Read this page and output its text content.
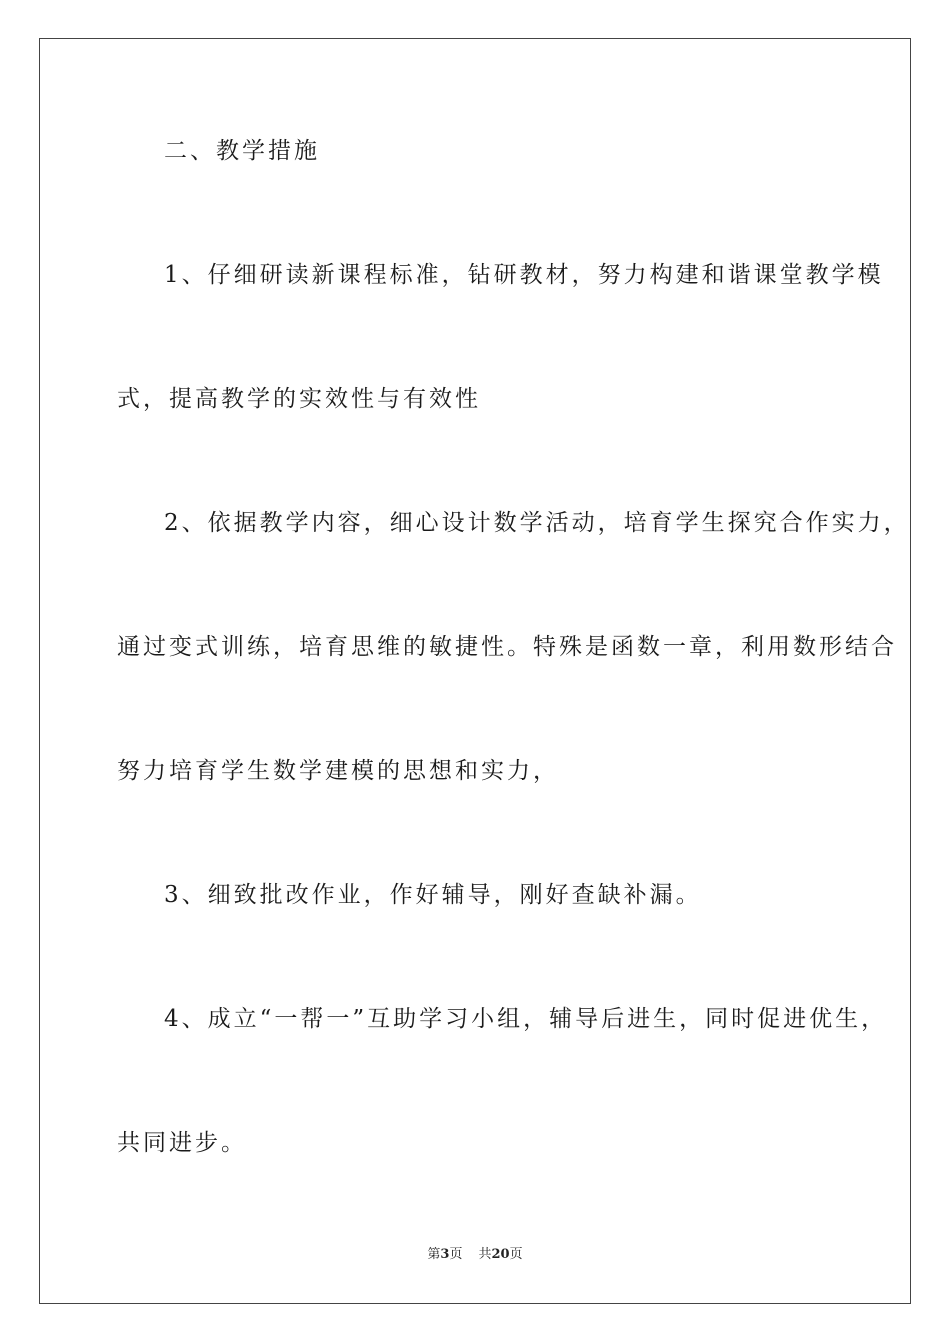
二、教学措施
1、仔细研读新课程标准，钻研教材，努力构建和谐课堂教学模
式，提高教学的实效性与有效性
2、依据教学内容，细心设计数学活动，培育学生探究合作实力，
通过变式训练，培育思维的敏捷性。特殊是函数一章，利用数形结合
努力培育学生数学建模的思想和实力，
3、细致批改作业，作好辅导，刚好查缺补漏。
4、成立“一帮一”互助学习小组，辅导后进生，同时促进优生，
共同进步。
第3页 共20页
